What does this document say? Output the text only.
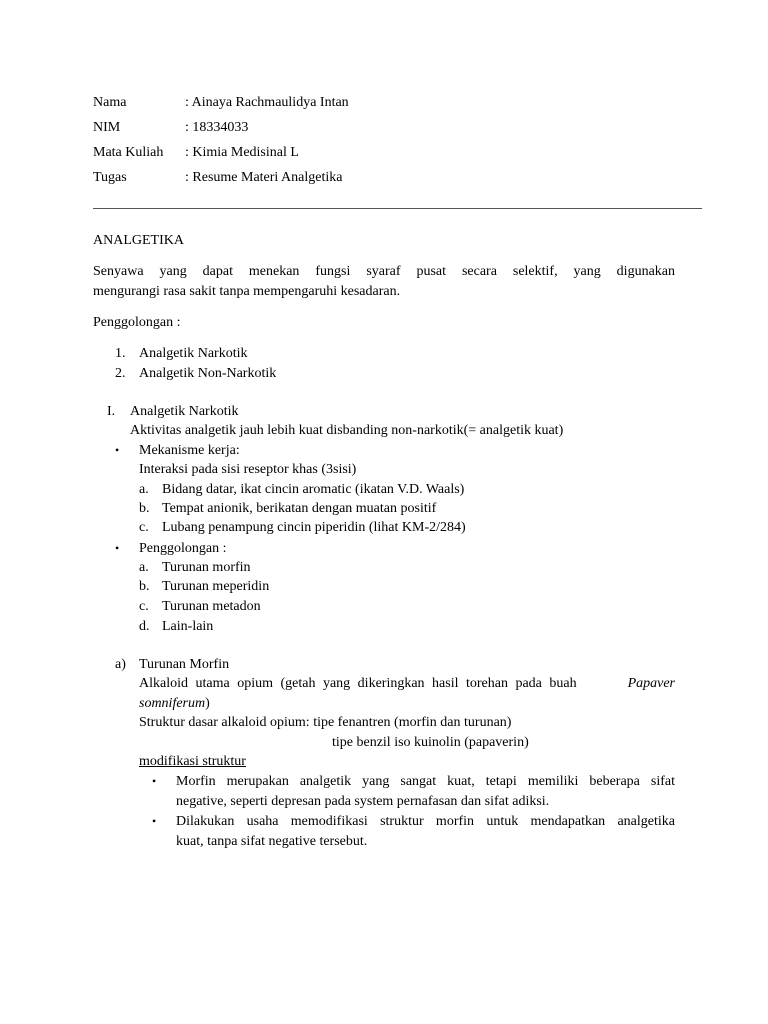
Nama	: Ainaya Rachmaulidya Intan
NIM	: 18334033
Mata Kuliah : Kimia Medisinal L
Tugas	: Resume Materi Analgetika
ANALGETIKA
Senyawa yang dapat menekan fungsi syaraf pusat secara selektif, yang digunakan
mengurangi rasa sakit tanpa mempengaruhi kesadaran.
Penggolongan :
1. Analgetik Narkotik
2. Analgetik Non-Narkotik
I. Analgetik Narkotik
Aktivitas analgetik jauh lebih kuat disbanding non-narkotik(= analgetik kuat)
• Mekanisme kerja:
Interaksi pada sisi reseptor khas (3sisi)
a. Bidang datar, ikat cincin aromatic (ikatan V.D. Waals)
b. Tempat anionik, berikatan dengan muatan positif
c. Lubang penampung cincin piperidin (lihat KM-2/284)
• Penggolongan :
a. Turunan morfin
b. Turunan meperidin
c. Turunan metadon
d. Lain-lain
a) Turunan Morfin
Alkaloid utama opium (getah yang dikeringkan hasil torehan pada buah	Papaver
somniferum)
Struktur dasar alkaloid opium: tipe fenantren (morfin dan turunan)
tipe benzil iso kuinolin (papaverin)
modifikasi struktur
• Morfin merupakan analgetik yang sangat kuat, tetapi memiliki beberapa sifat
negative, seperti depresan pada system pernafasan dan sifat adiksi.
• Dilakukan usaha memodifikasi struktur morfin untuk mendapatkan analgetika
kuat, tanpa sifat negative tersebut.
